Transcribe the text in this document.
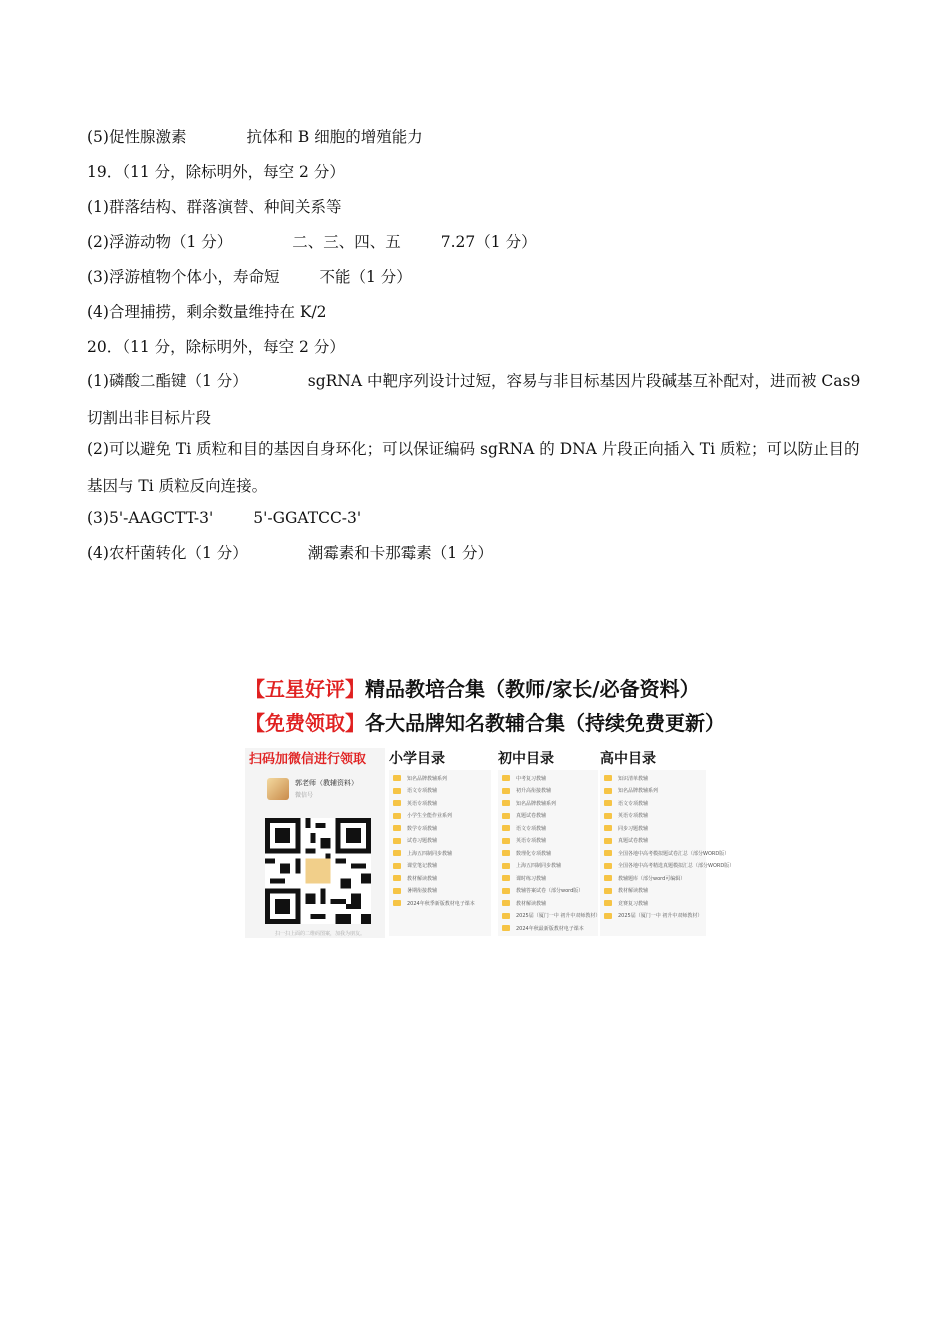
(5)促性腺激素	抗体和 B 细胞的增殖能力
19．（11 分，除标明外，每空 2 分）
(1)群落结构、群落演替、种间关系等
(2)浮游动物（1 分）	二、三、四、五	7.27（1 分）
(3)浮游植物个体小，寿命短	不能（1 分）
(4)合理捕捞，剩余数量维持在 K/2
20．（11 分，除标明外，每空 2 分）
(1)磷酸二酯键（1 分）	sgRNA 中靶序列设计过短，容易与非目标基因片段碱基互补配对，进而被 Cas9 切割出非目标片段
(2)可以避免 Ti 质粒和目的基因自身环化；可以保证编码 sgRNA 的 DNA 片段正向插入 Ti 质粒；可以防止目的基因与 Ti 质粒反向连接。
(3)5'-AAGCTT-3'	5'-GGATCC-3'
(4)农杆菌转化（1 分）	潮霉素和卡那霉素（1 分）
【五星好评】精品教培合集（教师/家长/必备资料）
【免费领取】各大品牌知名教辅合集（持续免费更新）
扫码加微信进行领取
郭老师（教辅资料）
微信号
扫一扫上面的二维码图案，加我为朋友。
小学目录
知名品牌教辅系列
语文专项教辅
英语专项教辅
小学生全能作业系列
数学专项教辅
试卷习题教辅
上海五四制同步教辅
课堂笔记教辅
教材解读教辅
暑期衔接教辅
2024年秋季新版教材电子课本
初中目录
中考复习教辅
初升高衔接教辅
知名品牌教辅系列
真题试卷教辅
语文专项教辅
英语专项教辅
数理化专项教辅
上海五四制同步教辅
课时练习教辅
教辅答案试卷（部分word版）
教材解读教辅
2025届（厦门一中 初升中双师教材）
2024年秋最新版教材电子课本
高中目录
知识清单教辅
知名品牌教辅系列
语文专项教辅
英语专项教辅
同步习题教辅
真题试卷教辅
全国各地中高考模拟题试卷汇总（部分WORD版）
全国各地中高考精选真题模拟汇总（部分WORD版）
教辅题库（部分word可编辑）
教材解读教辅
竞赛复习教辅
2025届（厦门一中 初升中双师教材）
